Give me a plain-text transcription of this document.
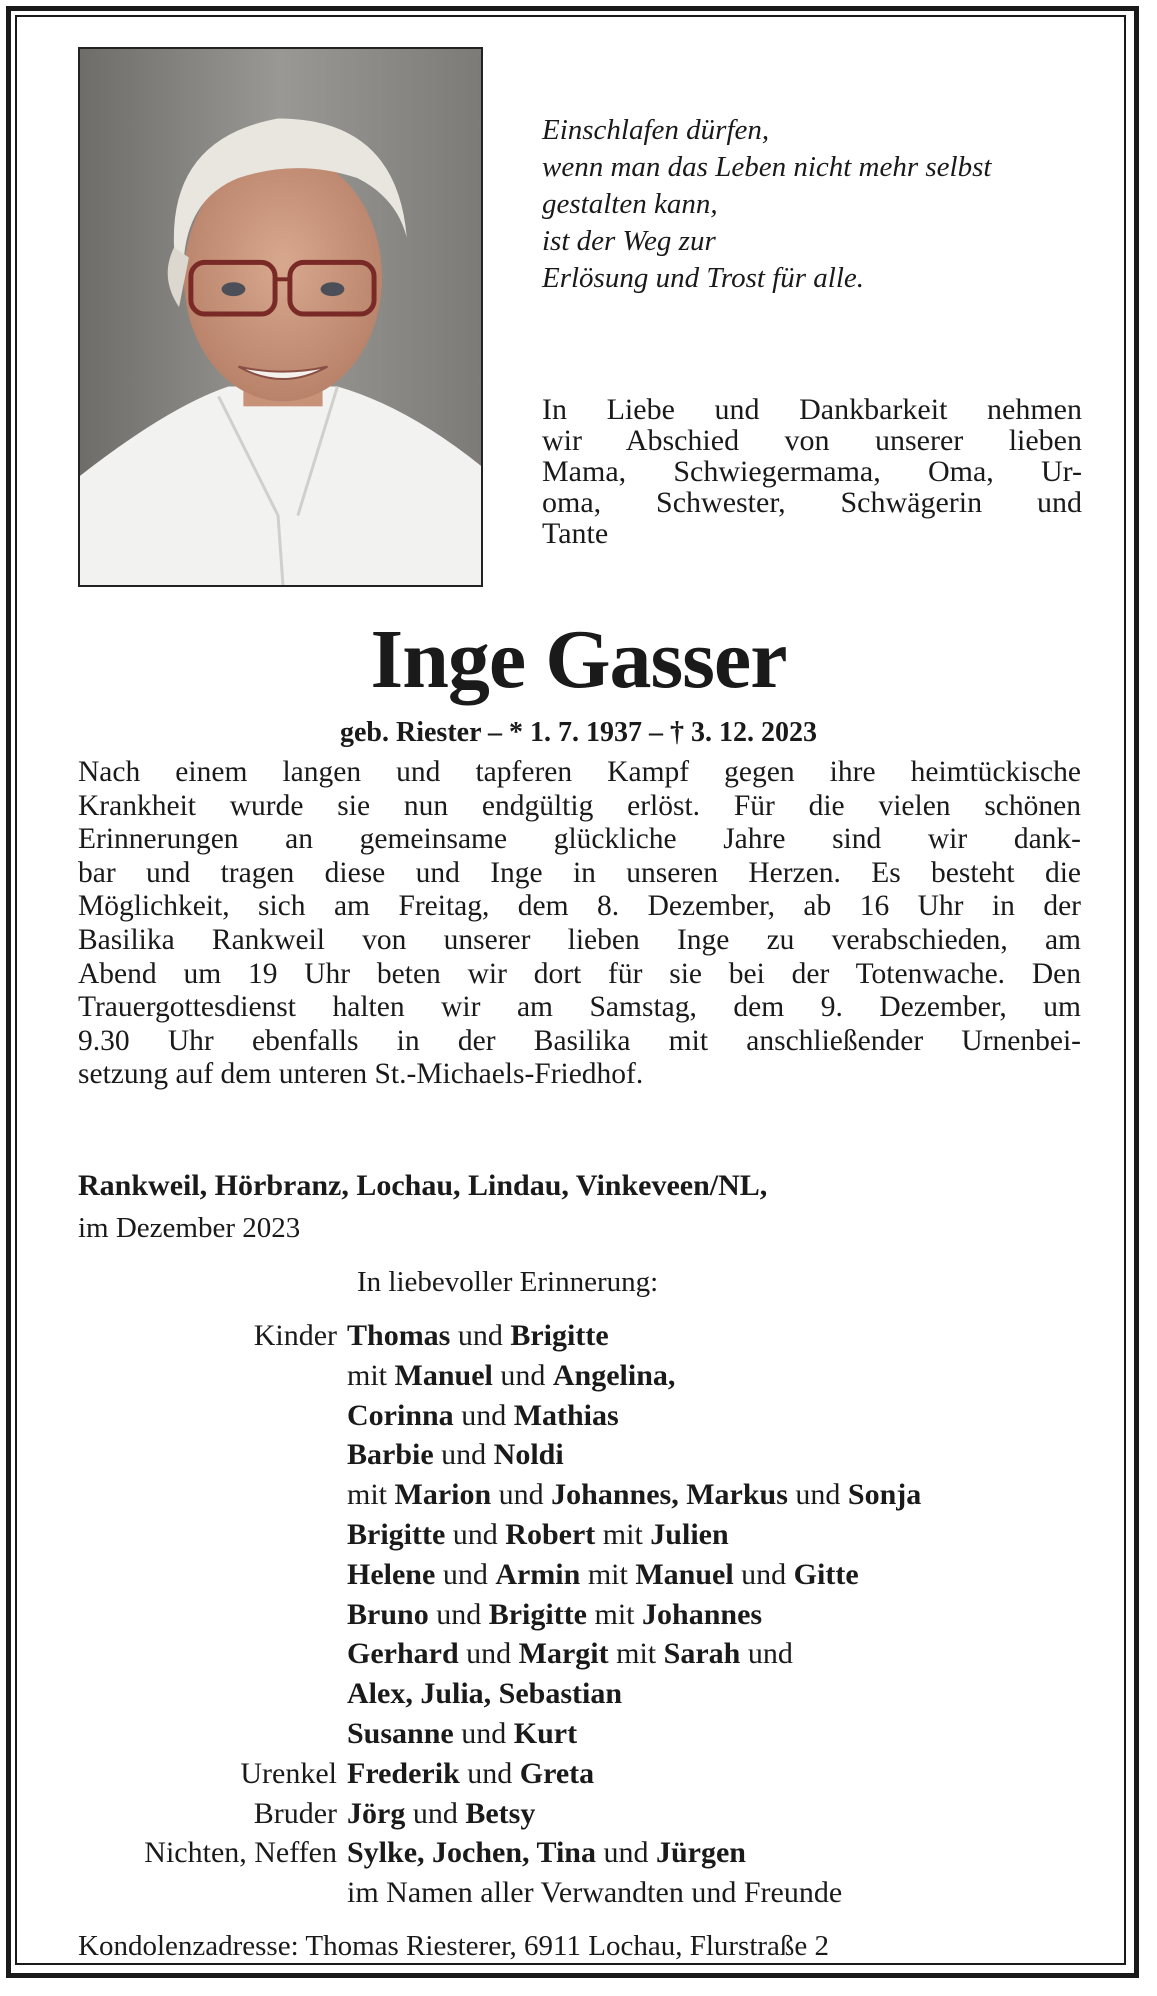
Einschlafen dürfen,
wenn man das Leben nicht mehr selbst
gestalten kann,
ist der Weg zur
Erlösung und Trost für alle.
In Liebe und Dankbarkeit nehmen
wir Abschied von unserer lieben
Mama, Schwiegermama, Oma, Ur-
oma, Schwester, Schwägerin und
Tante
Inge Gasser
geb. Riester – * 1. 7. 1937 – † 3. 12. 2023
Nach einem langen und tapferen Kampf gegen ihre heimtückische
Krankheit wurde sie nun endgültig erlöst. Für die vielen schönen
Erinnerungen an gemeinsame glückliche Jahre sind wir dank-
bar und tragen diese und Inge in unseren Herzen. Es besteht die
Möglichkeit, sich am Freitag, dem 8. Dezember, ab 16 Uhr in der
Basilika Rankweil von unserer lieben Inge zu verabschieden, am
Abend um 19 Uhr beten wir dort für sie bei der Totenwache. Den
Trauergottesdienst halten wir am Samstag, dem 9. Dezember, um
9.30 Uhr ebenfalls in der Basilika mit anschließender Urnenbei-
setzung auf dem unteren St.-Michaels-Friedhof.
Rankweil, Hörbranz, Lochau, Lindau, Vinkeveen/NL,
im Dezember 2023
In liebevoller Erinnerung:
Kinder Thomas und Brigitte
mit Manuel und Angelina,
Corinna und Mathias
Barbie und Noldi
mit Marion und Johannes, Markus und Sonja
Brigitte und Robert mit Julien
Helene und Armin mit Manuel und Gitte
Bruno und Brigitte mit Johannes
Gerhard und Margit mit Sarah und
Alex, Julia, Sebastian
Susanne und Kurt
Urenkel Frederik und Greta
Bruder Jörg und Betsy
Nichten, Neffen Sylke, Jochen, Tina und Jürgen
im Namen aller Verwandten und Freunde
Kondolenzadresse: Thomas Riesterer, 6911 Lochau, Flurstraße 2
